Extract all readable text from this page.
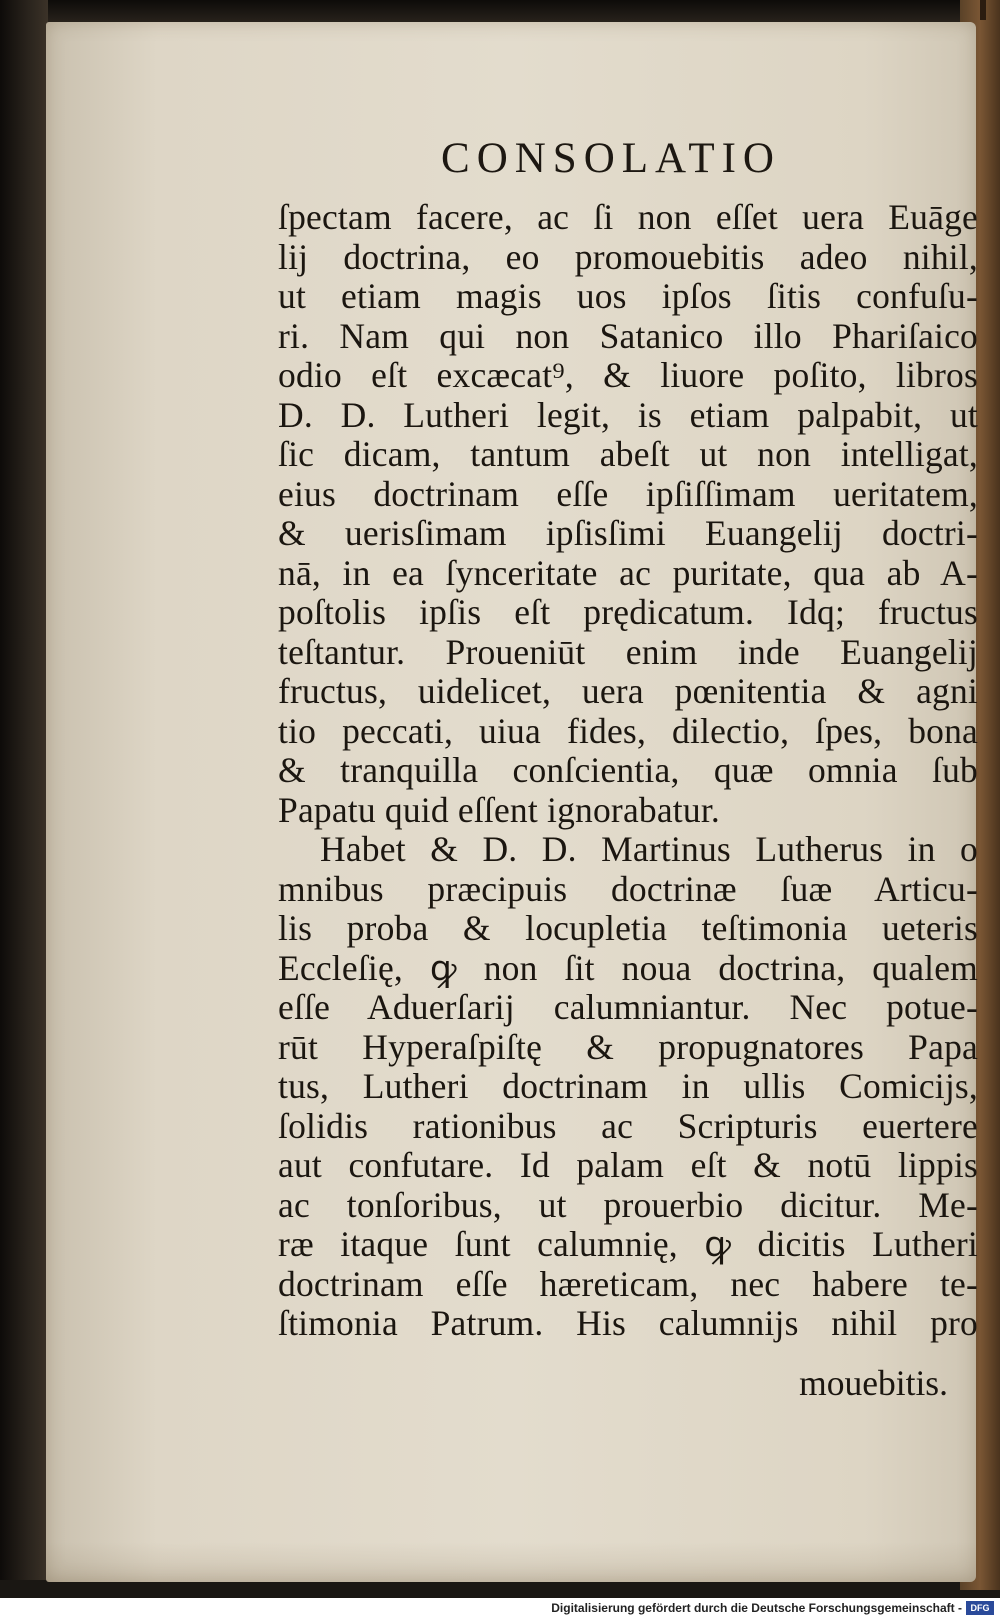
CONSOLATIO
ſpectam facere, ac ſi non eſſet uera Euāge
lij doctrina, eo promouebitis adeo nihil,
ut etiam magis uos ipſos ſitis confuſu-
ri. Nam qui non Satanico illo Phariſaico
odio eſt excæcat⁹, & liuore poſito, libros
D. D. Lutheri legit, is etiam palpabit, ut
ſic dicam, tantum abeſt ut non intelligat,
eius doctrinam eſſe ipſiſſimam ueritatem,
& uerisſimam ipſisſimi Euangelij doctri-
nā, in ea ſynceritate ac puritate, qua ab A-
poſtolis ipſis eſt prędicatum. Idq; fructus
teſtantur. Proueniūt enim inde Euangelij
fructus, uidelicet, uera pœnitentia & agni
tio peccati, uiua fides, dilectio, ſpes, bona
& tranquilla conſcientia, quæ omnia ſub
Papatu quid eſſent ignorabatur.
Habet & D. D. Martinus Lutherus in o
mnibus præcipuis doctrinæ ſuæ Articu-
lis proba & locupletia teſtimonia ueteris
Eccleſię, ꝙ non ſit noua doctrina, qualem
eſſe Aduerſarij calumniantur. Nec potue-
rūt Hyperaſpiſtę & propugnatores Papa
tus, Lutheri doctrinam in ullis Comicijs,
ſolidis rationibus ac Scripturis euertere
aut confutare. Id palam eſt & notū lippis
ac tonſoribus, ut prouerbio dicitur. Me-
ræ itaque ſunt calumnię, ꝙ dicitis Lutheri
doctrinam eſſe hæreticam, nec habere te-
ſtimonia Patrum. His calumnijs nihil pro
mouebitis.
Digitalisierung gefördert durch die Deutsche Forschungsgemeinschaft - DFG
